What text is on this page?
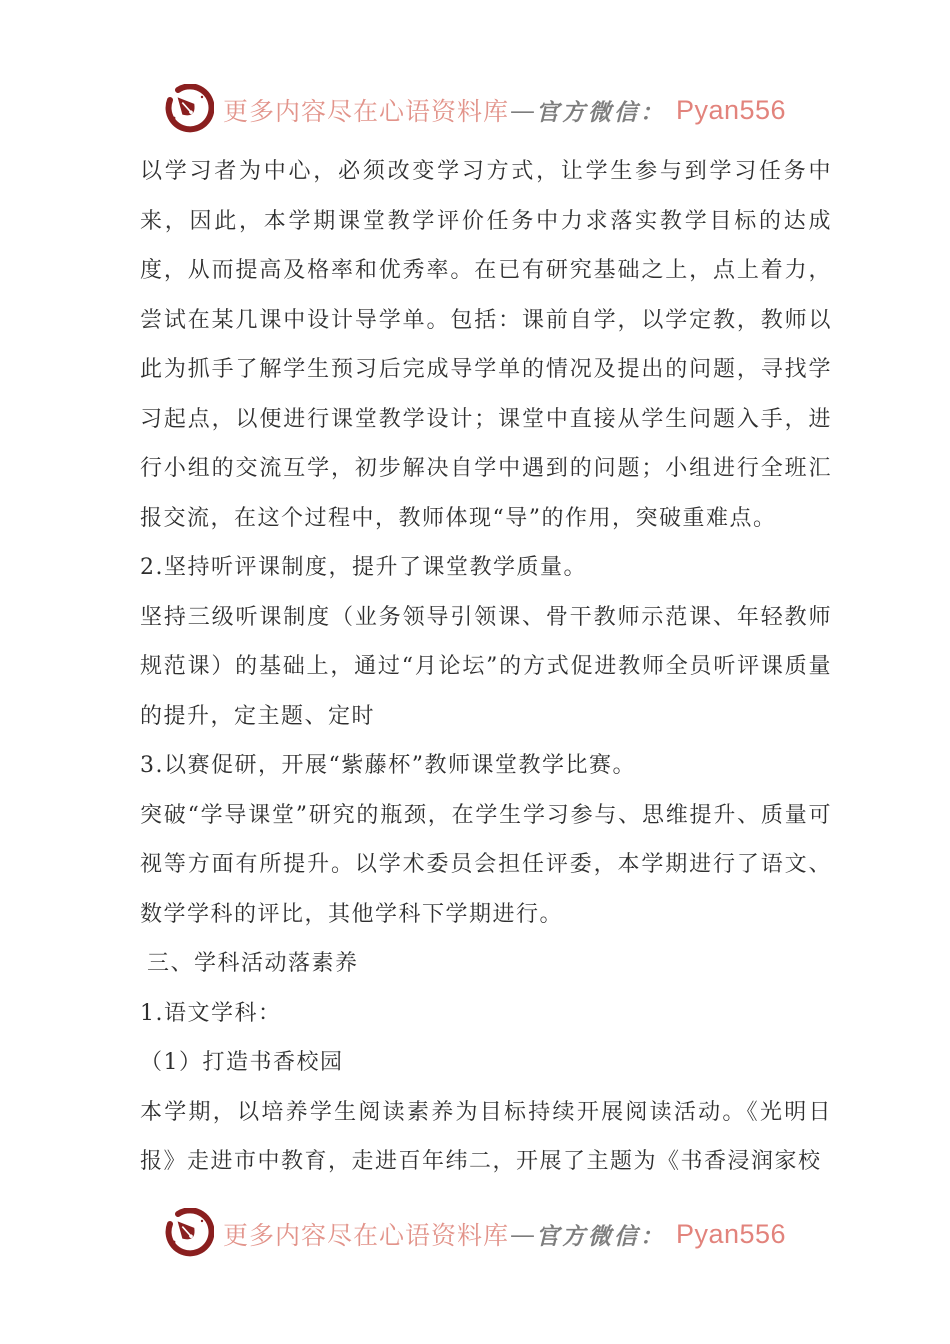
更多内容尽在心语资料库 — 官方微信： Pyan556

以学习者为中心，必须改变学习方式，让学生参与到学习任务中来，因此，本学期课堂教学评价任务中力求落实教学目标的达成度，从而提高及格率和优秀率。在已有研究基础之上，点上着力，尝试在某几课中设计导学单。包括：课前自学，以学定教，教师以此为抓手了解学生预习后完成导学单的情况及提出的问题，寻找学习起点，以便进行课堂教学设计；课堂中直接从学生问题入手，进行小组的交流互学，初步解决自学中遇到的问题；小组进行全班汇报交流，在这个过程中，教师体现“导”的作用，突破重难点。

2.坚持听评课制度，提升了课堂教学质量。

坚持三级听课制度（业务领导引领课、骨干教师示范课、年轻教师规范课）的基础上，通过“月论坛”的方式促进教师全员听评课质量的提升，定主题、定时

3.以赛促研，开展“紫藤杯”教师课堂教学比赛。

突破“学导课堂”研究的瓶颈，在学生学习参与、思维提升、质量可视等方面有所提升。以学术委员会担任评委，本学期进行了语文、数学学科的评比，其他学科下学期进行。

三、学科活动落素养

1.语文学科：

（1）打造书香校园

本学期，以培养学生阅读素养为目标持续开展阅读活动。《光明日报》走进市中教育，走进百年纬二，开展了主题为《书香浸润家校

更多内容尽在心语资料库 — 官方微信： Pyan556
